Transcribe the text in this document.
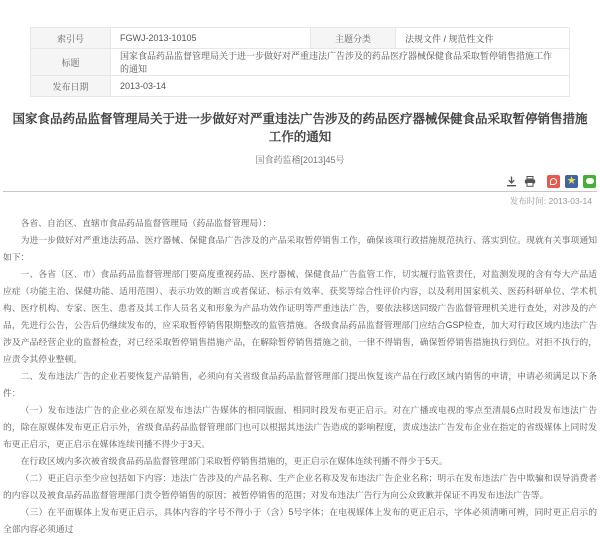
索引号	FGWJ-2013-10105	主题分类	法规文件 / 规范性文件
标题	国家食品药品监督管理局关于进一步做好对严重违法广告涉及的药品医疗器械保健食品采取暂停销售措施工作的通知		
发布日期	2013-03-14		
国家食品药品监督管理局关于进一步做好对严重违法广告涉及的药品医疗器械保健食品采取暂停销售措施工作的通知
国食药监稽[2013]45号
★
发布时间: 2013-03-14

各省、自治区、直辖市食品药品监督管理局（药品监督管理局）：

为进一步做好对严重违法药品、医疗器械、保健食品广告涉及的产品采取暂停销售工作，确保该项行政措施规范执行、落实到位。现就有关事项通知如下：

一、各省（区、市）食品药品监督管理部门要高度重视药品、医疗器械、保健食品广告监管工作，切实履行监管责任，对监测发现的含有夸大产品适应症（功能主治、保健功能、适用范围）、表示功效的断言或者保证、标示有效率、获奖等综合性评价内容，以及利用国家机关、医药科研单位、学术机构、医疗机构、专家、医生、患者及其工作人员名义和形象为产品功效作证明等严重违法广告，要依法移送同级广告监督管理机关进行查处，对涉及的产品，先进行公告，公告后仍继续发布的，应采取暂停销售限期整改的监管措施。各级食品药品监督管理部门应结合GSP检查，加大对行政区域内违法广告涉及产品经营企业的监督检查，对已经采取暂停销售措施产品，在解除暂停销售措施之前，一律不得销售，确保暂停销售措施执行到位。对拒不执行的，应责令其停业整顿。

二、发布违法广告的企业若要恢复产品销售，必须向有关省级食品药品监督管理部门提出恢复该产品在行政区域内销售的申请，申请必须满足以下条件：

（一）发布违法广告的企业必须在原发布违法广告媒体的相同版面、相同时段发布更正启示。对在广播或电视的零点至清晨6点时段发布违法广告的，除在原媒体发布更正启示外，省级食品药品监督管理部门也可以根据其违法广告造成的影响程度，责成违法广告发布企业在指定的省级媒体上同时发布更正启示，更正启示在媒体连续刊播不得少于3天。

在行政区域内多次被省级食品药品监督管理部门采取暂停销售措施的，更正启示在媒体连续刊播不得少于5天。

（二）更正启示至少应包括如下内容：违法广告涉及的产品名称、生产企业名称及发布违法广告企业名称；明示在发布违法广告中欺骗和误导消费者的内容以及被食品药品监督管理部门责令暂停销售的原因；被暂停销售的范围；对发布违法广告行为向公众致歉并保证不再发布违法广告等。

（三）在平面媒体上发布更正启示，具体内容的字号不得小于（含）5号字体；在电视媒体上发布的更正启示，字体必须清晰可辨，同时更正启示的全部内容必须通过
